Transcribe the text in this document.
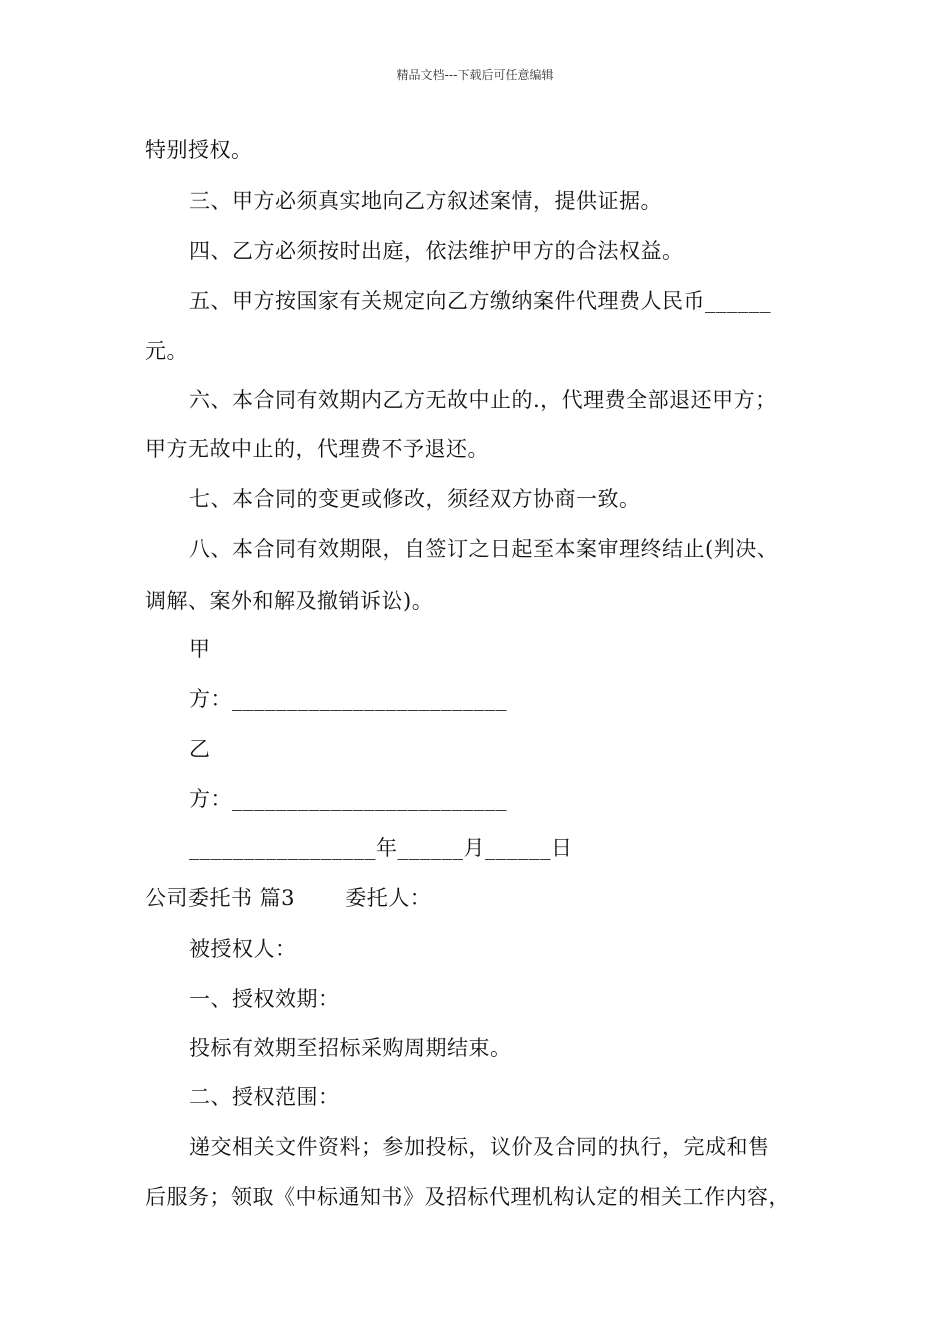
精品文档---下载后可任意编辑
特别授权。
三、甲方必须真实地向乙方叙述案情，提供证据。
四、乙方必须按时出庭，依法维护甲方的合法权益。
五、甲方按国家有关规定向乙方缴纳案件代理费人民币______
元。
六、本合同有效期内乙方无故中止的.，代理费全部退还甲方；
甲方无故中止的，代理费不予退还。
七、本合同的变更或修改，须经双方协商一致。
八、本合同有效期限，自签订之日起至本案审理终结止(判决、
调解、案外和解及撤销诉讼)。
甲
方：_________________________
乙
方：_________________________
_________________年______月______日
公司委托书 篇3 　　委托人：
被授权人：
一、授权效期：
投标有效期至招标采购周期结束。
二、授权范围：
递交相关文件资料；参加投标，议价及合同的执行，完成和售
后服务；领取《中标通知书》及招标代理机构认定的相关工作内容，
